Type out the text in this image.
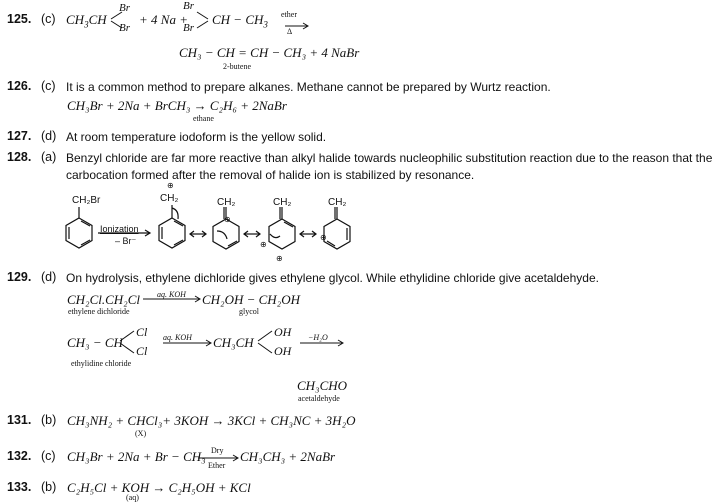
125. (c) $CH_3CH$
Br
Br
+ 4 Na +
Br
Br
CH − $CH_3$
ether
Δ
CH₃ − CH = CH − CH₃ + 4 NaBr
2-butene
126. (c) It is a common method to prepare alkanes. Methane cannot be prepared by Wurtz reaction.
CH₃Br + 2Na + BrCH₃ → C₂H₆ + 2NaBr
ethane
127. (d) At room temperature iodoform is the yellow solid.
128. (a) Benzyl chloride are far more reactive than alkyl halide towards nucleophilic substitution reaction due to the reason that the
carbocation formed after the removal of halide ion is stabilized by resonance.
CH₂Br	CH₂
⊕
CH₂	CH₂	CH₂
Ionization
– Br⁻
⊕
⊕
⊕
⊕
129. (d) On hydrolysis, ethylene dichloride gives ethylene glycol. While ethylidine chloride give acetaldehyde.
CH₂Cl.CH₂Cl aq. KOH CH₂OH − CH₂OH
ethylene dichloride	glycol
CH₃ − CH
Cl
Cl
aq. KOH CH₃CH
OH
OH
−H₂O
ethylidine chloride
CH₃CHO
acetaldehyde
131. (b) CH₃NH₂ + CHCl₃+ 3KOH → 3KCl + CH₃NC + 3H₂O
(X)
132. (c) CH₃Br + 2Na + Br − CH₃ Dry
Ether
CH₃CH₃ + 2NaBr
133. (b) C₂H₅Cl + KOH → C₂H₅OH + KCl
(aq)
